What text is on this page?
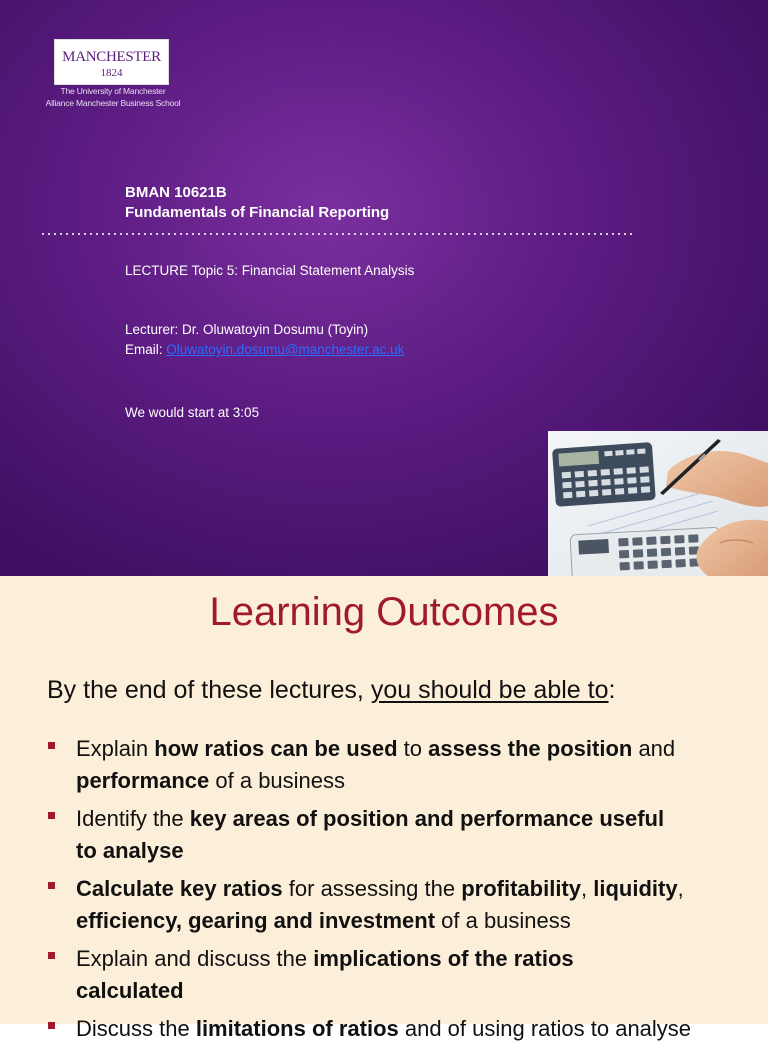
MANCHESTER
1824
The University of Manchester
Alliance Manchester Business School
BMAN 10621B
Fundamentals of Financial Reporting
LECTURE Topic 5: Financial Statement Analysis
Lecturer: Dr. Oluwatoyin Dosumu (Toyin)
Email: Oluwatoyin.dosumu@manchester.ac.uk
We would start at 3:05
Learning Outcomes
By the end of these lectures, you should be able to:
Explain how ratios can be used to assess the position and
performance of a business
Identify the key areas of position and performance useful
to analyse
Calculate key ratios for assessing the profitability, liquidity,
efficiency, gearing and investment of a business
Explain and discuss the implications of the ratios
calculated
Discuss the limitations of ratios and of using ratios to analyse
